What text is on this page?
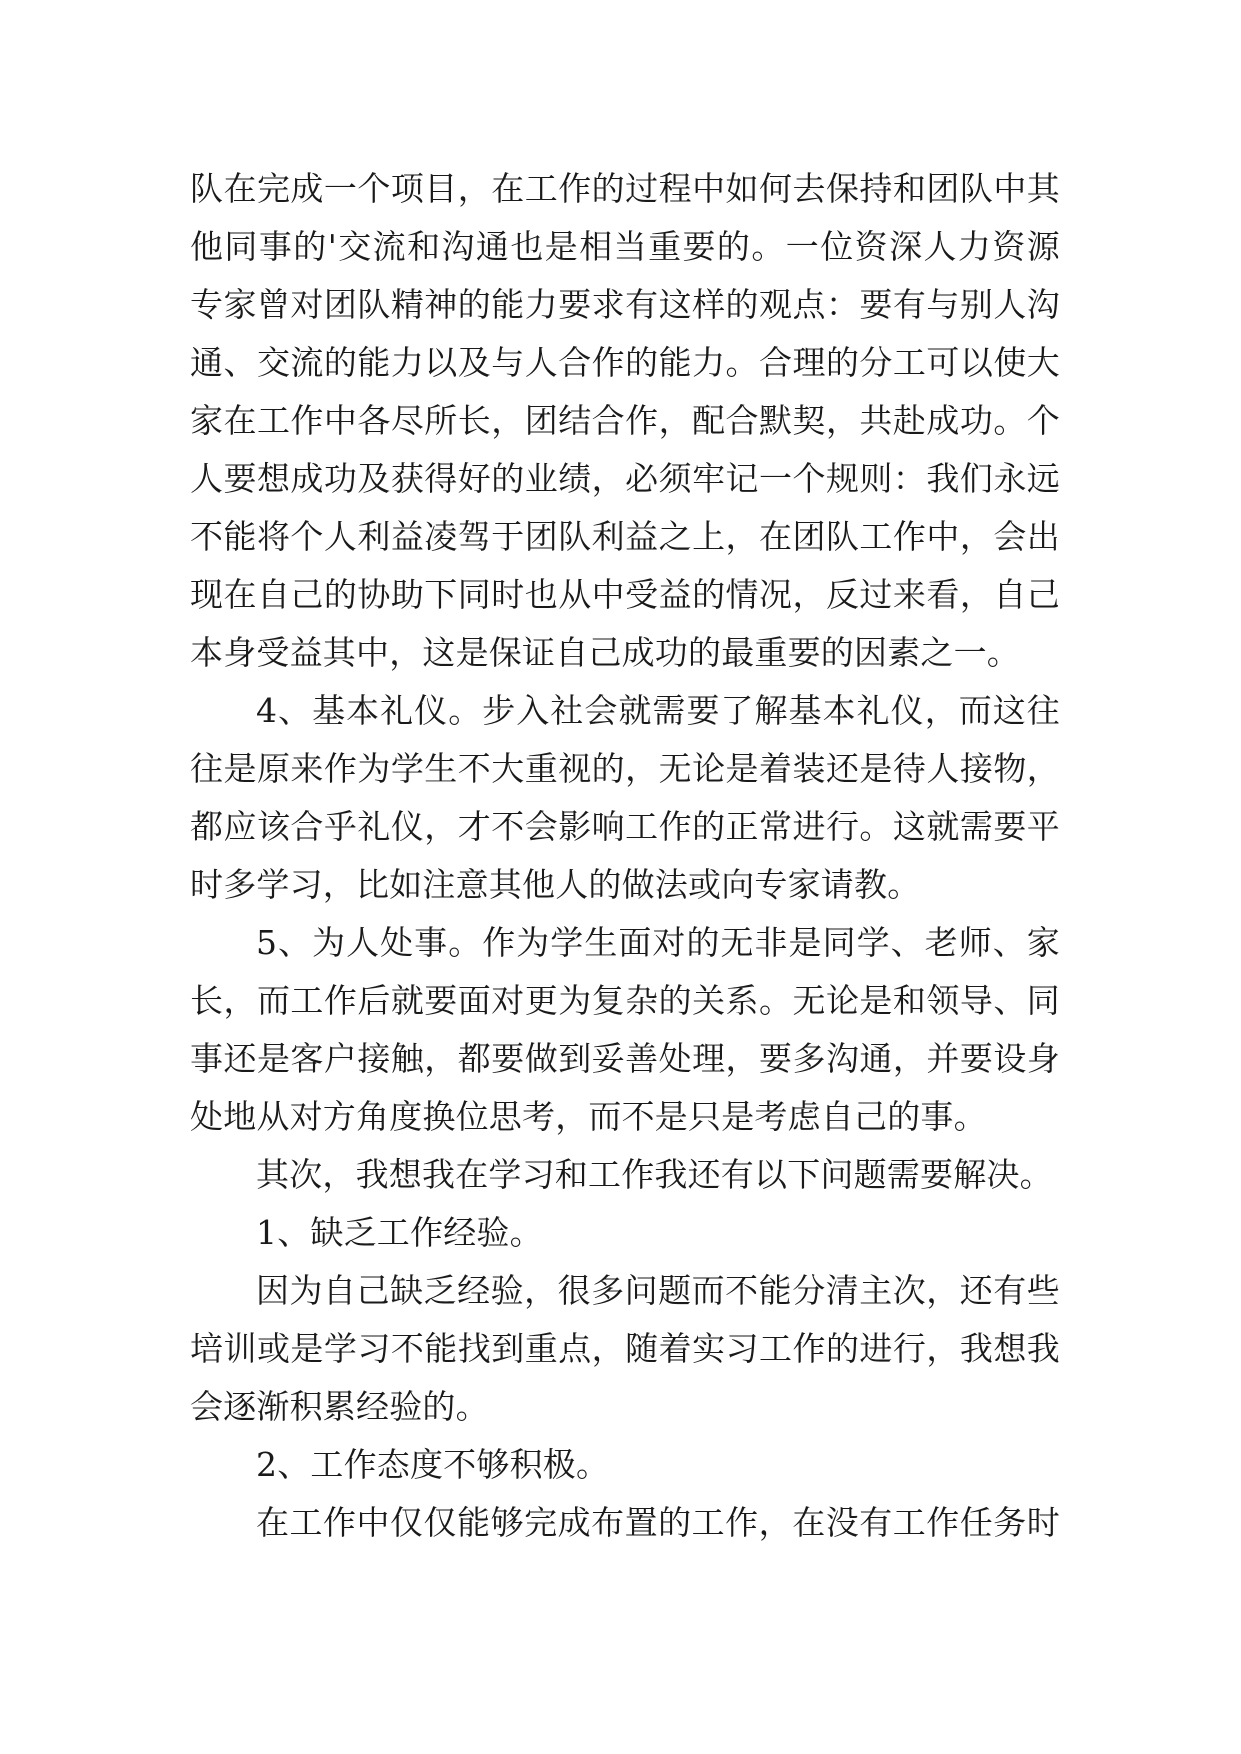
队在完成一个项目，在工作的过程中如何去保持和团队中其
他同事的'交流和沟通也是相当重要的。一位资深人力资源
专家曾对团队精神的能力要求有这样的观点：要有与别人沟
通、交流的能力以及与人合作的能力。合理的分工可以使大
家在工作中各尽所长，团结合作，配合默契，共赴成功。个
人要想成功及获得好的业绩，必须牢记一个规则：我们永远
不能将个人利益凌驾于团队利益之上，在团队工作中，会出
现在自己的协助下同时也从中受益的情况，反过来看，自己
本身受益其中，这是保证自己成功的最重要的因素之一。
4、基本礼仪。步入社会就需要了解基本礼仪，而这往
往是原来作为学生不大重视的，无论是着装还是待人接物，
都应该合乎礼仪，才不会影响工作的正常进行。这就需要平
时多学习，比如注意其他人的做法或向专家请教。
5、为人处事。作为学生面对的无非是同学、老师、家
长，而工作后就要面对更为复杂的关系。无论是和领导、同
事还是客户接触，都要做到妥善处理，要多沟通，并要设身
处地从对方角度换位思考，而不是只是考虑自己的事。
其次，我想我在学习和工作我还有以下问题需要解决。
1、缺乏工作经验。
因为自己缺乏经验，很多问题而不能分清主次，还有些
培训或是学习不能找到重点，随着实习工作的进行，我想我
会逐渐积累经验的。
2、工作态度不够积极。
在工作中仅仅能够完成布置的工作，在没有工作任务时
